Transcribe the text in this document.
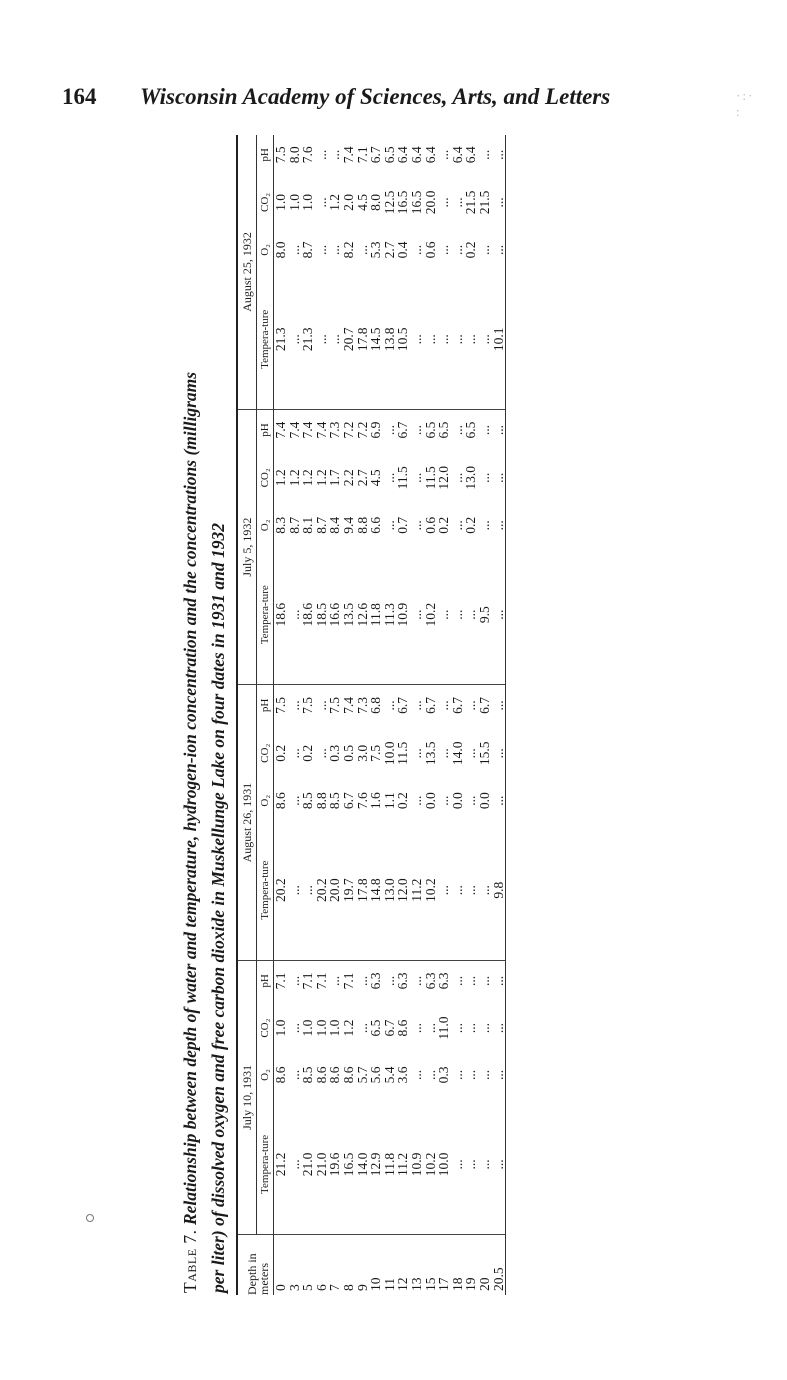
164 Wisconsin Academy of Sciences, Arts, and Letters	·:· :
Table 7. Relationship between depth of water and temperature, hydrogen-ion concentration and the concentrations (milligrams per liter) of dissolved oxygen and free carbon dioxide in Muskellunge Lake on four dates in 1931 and 1932	Depth in meters	July 10, 1931				August 26, 1931				July 5, 1932				August 25, 1932			
	Tempera-ture	O₂	CO₂	pH	Tempera-ture	O₂	CO₂	pH	Tempera-ture	O₂	CO₂	pH	Tempera-ture	O₂	CO₂	pH
0	21.2	8.6	1.0	7.1	20.2	8.6	0.2	7.5	18.6	8.3	1.2	7.4	21.3	8.0	1.0	7.5
3	...	...	...	...	...	...	...	...	...	8.7	1.2	7.4	...	...	1.0	8.0
5	21.0	8.5	1.0	7.1	...	8.5	0.2	7.5	18.6	8.1	1.2	7.4	21.3	8.7	1.0	7.6
6	21.0	8.6	1.0	7.1	20.2	8.8	...	...	18.5	8.7	1.2	7.4	...	...	...	...
7	19.6	8.6	1.0	...	20.0	8.5	0.3	7.5	16.6	8.4	1.7	7.3	...	...	1.2	...
8	16.5	8.6	1.2	7.1	19.7	6.7	0.5	7.4	13.5	9.4	2.2	7.2	20.7	8.2	2.0	7.4
9	14.0	5.7	...	...	17.8	7.6	3.0	7.3	12.6	8.8	2.7	7.2	17.8	...	4.5	7.1
10	12.9	5.6	6.5	6.3	14.8	1.6	7.5	6.8	11.8	6.6	4.5	6.9	14.5	5.3	8.0	6.7
11	11.8	5.4	6.7	...	13.0	1.1	10.0	...	11.3	...	...	...	13.8	2.7	12.5	6.5
12	11.2	3.6	8.6	6.3	12.0	0.2	11.5	6.7	10.9	0.7	11.5	6.7	10.5	0.4	16.5	6.4
13	10.9	...	...	...	11.2	...	...	...	...	...	...	...	...	...	16.5	6.4
15	10.2	...	...	6.3	10.2	0.0	13.5	6.7	10.2	0.6	11.5	6.5	...	0.6	20.0	6.4
17	10.0	0.3	11.0	6.3	...	...	...	...	...	0.2	12.0	6.5	...	...	...	...
18	...	...	...	...	...	0.0	14.0	6.7	...	...	...	...	...	...	...	6.4
19	...	...	...	...	...	...	...	...	...	0.2	13.0	6.5	...	0.2	21.5	6.4
20	...	...	...	...	...	0.0	15.5	6.7	9.5	...	...	...	...	...	21.5	...
20.5	...	...	...	...	9.8	...	...	...	...	...	...	...	10.1	...	...	...
